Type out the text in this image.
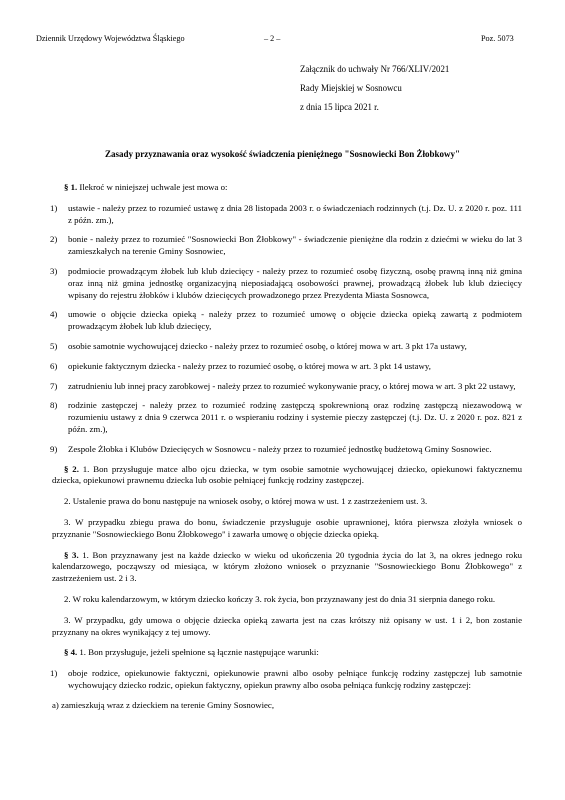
Dziennik Urzędowy Województwa Śląskiego	– 2 –	Poz. 5073
Załącznik do uchwały Nr 766/XLIV/2021
Rady Miejskiej w Sosnowcu
z dnia 15 lipca 2021 r.
Zasady przyznawania oraz wysokość świadczenia pieniężnego "Sosnowiecki Bon Żłobkowy"

§ 1. Ilekroć w niniejszej uchwale jest mowa o:

1)	ustawie - należy przez to rozumieć ustawę z dnia 28 listopada 2003 r. o świadczeniach rodzinnych (t.j. Dz. U. z 2020 r. poz. 111 z późn. zm.),
2)	bonie - należy przez to rozumieć "Sosnowiecki Bon Żłobkowy" - świadczenie pieniężne dla rodzin z dziećmi w wieku do lat 3 zamieszkałych na terenie Gminy Sosnowiec,
3)	podmiocie prowadzącym żłobek lub klub dziecięcy - należy przez to rozumieć osobę fizyczną, osobę prawną inną niż gmina oraz inną niż gmina jednostkę organizacyjną nieposiadającą osobowości prawnej, prowadzącą żłobek lub klub dziecięcy wpisany do rejestru żłobków i klubów dziecięcych prowadzonego przez Prezydenta Miasta Sosnowca,
4)	umowie o objęcie dziecka opieką - należy przez to rozumieć umowę o objęcie dziecka opieką zawartą z podmiotem prowadzącym żłobek lub klub dziecięcy,
5)	osobie samotnie wychowującej dziecko - należy przez to rozumieć osobę, o której mowa w art. 3 pkt 17a ustawy,
6)	opiekunie faktycznym dziecka - należy przez to rozumieć osobę, o której mowa w art. 3 pkt 14 ustawy,
7)	zatrudnieniu lub innej pracy zarobkowej - należy przez to rozumieć wykonywanie pracy, o której mowa w art. 3 pkt 22 ustawy,
8)	rodzinie zastępczej - należy przez to rozumieć rodzinę zastępczą spokrewnioną oraz rodzinę zastępczą niezawodową w rozumieniu ustawy z dnia 9 czerwca 2011 r. o wspieraniu rodziny i systemie pieczy zastępczej (t.j. Dz. U. z 2020 r. poz. 821 z późn. zm.),
9)	Zespole Żłobka i Klubów Dziecięcych w Sosnowcu - należy przez to rozumieć jednostkę budżetową Gminy Sosnowiec.

§ 2. 1. Bon przysługuje matce albo ojcu dziecka, w tym osobie samotnie wychowującej dziecko, opiekunowi faktycznemu dziecka, opiekunowi prawnemu dziecka lub osobie pełniącej funkcję rodziny zastępczej.

2. Ustalenie prawa do bonu następuje na wniosek osoby, o której mowa w ust. 1 z zastrzeżeniem ust. 3.

3. W przypadku zbiegu prawa do bonu, świadczenie przysługuje osobie uprawnionej, która pierwsza złożyła wniosek o przyznanie "Sosnowieckiego Bonu Żłobkowego" i zawarła umowę o objęcie dziecka opieką.

§ 3. 1. Bon przyznawany jest na każde dziecko w wieku od ukończenia 20 tygodnia życia do lat 3, na okres jednego roku kalendarzowego, począwszy od miesiąca, w którym złożono wniosek o przyznanie "Sosnowieckiego Bonu Żłobkowego" z zastrzeżeniem ust. 2 i 3.

2. W roku kalendarzowym, w którym dziecko kończy 3. rok życia, bon przyznawany jest do dnia 31 sierpnia danego roku.

3. W przypadku, gdy umowa o objęcie dziecka opieką zawarta jest na czas krótszy niż opisany w ust. 1 i 2, bon zostanie przyznany na okres wynikający z tej umowy.

§ 4. 1. Bon przysługuje, jeżeli spełnione są łącznie następujące warunki:

1)	oboje rodzice, opiekunowie faktyczni, opiekunowie prawni albo osoby pełniące funkcję rodziny zastępczej lub samotnie wychowujący dziecko rodzic, opiekun faktyczny, opiekun prawny albo osoba pełniąca funkcję rodziny zastępczej:

a) zamieszkują wraz z dzieckiem na terenie Gminy Sosnowiec,
